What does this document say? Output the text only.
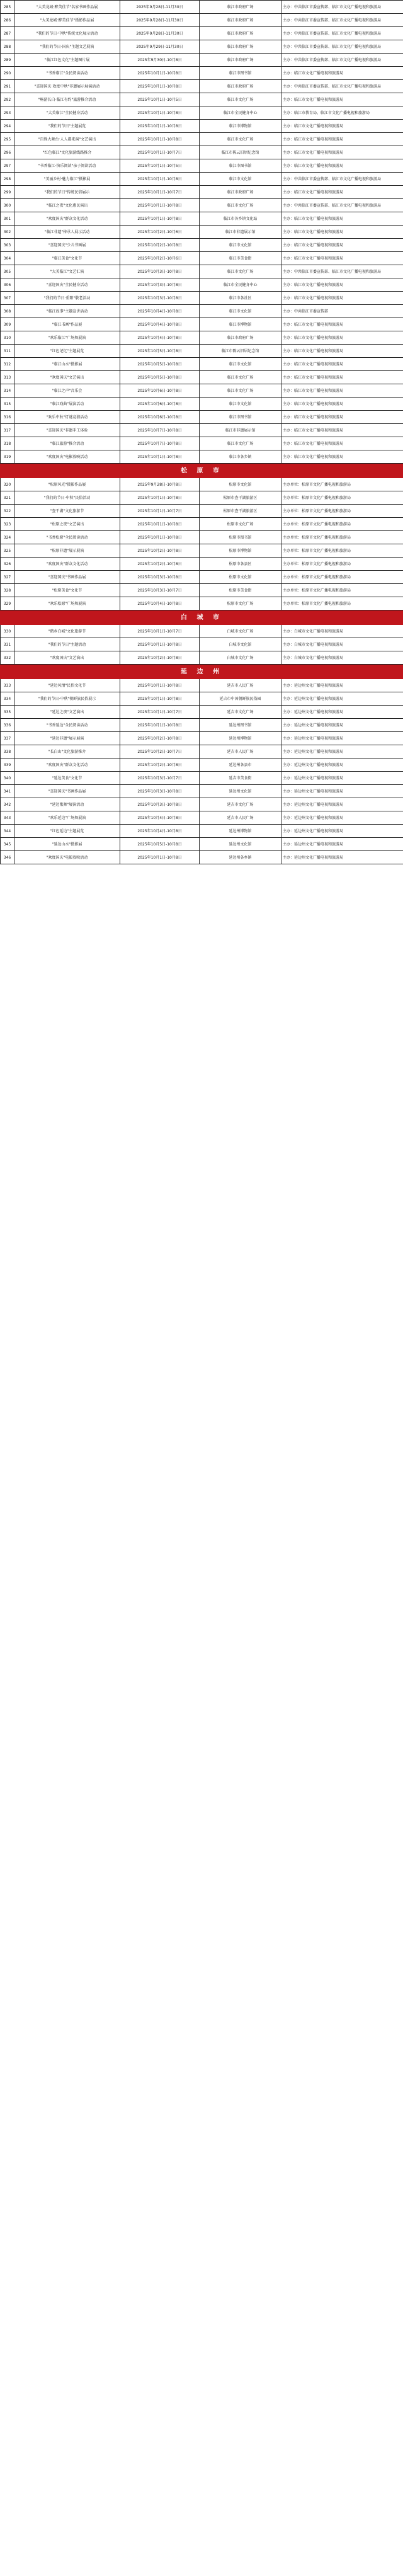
285	"大美龙城·醉美佳节"名家书画作品展	2025年9月28日-11月30日	临江市政府广场	主办：中共临江市委宣传部、临江市文化广播电视和旅游局
286	"大美龙城·醉美佳节"摄影作品展	2025年9月28日-11月30日	临江市政府广场	主办：中共临江市委宣传部、临江市文化广播电视和旅游局
287	"我们的节日·中秋"传统文化展示活动	2025年9月28日-11月30日	临江市政府广场	主办：中共临江市委宣传部、临江市文化广播电视和旅游局
288	"我们的节日·国庆"主题文艺展演	2025年9月29日-11月30日	临江市政府广场	主办：中共临江市委宣传部、临江市文化广播电视和旅游局
289	"临江红色文化"主题图片展	2025年9月30日-10月8日	临江市政府广场	主办：中共临江市委宣传部、临江市文化广播电视和旅游局
290	"书香临江"全民阅读活动	2025年10月1日-10月8日	临江市图书馆	主办：临江市文化广播电视和旅游局
291	"喜迎国庆·欢度中秋"非遗展示展演活动	2025年10月1日-10月8日	临江市政府广场	主办：中共临江市委宣传部、临江市文化广播电视和旅游局
292	"畅游长白·临江有约"旅游推介活动	2025年10月1日-10月5日	临江市文化广场	主办：临江市文化广播电视和旅游局
293	"大美临江"全民健身活动	2025年10月1日-10月8日	临江市全民健身中心	主办：临江市教育局、临江市文化广播电视和旅游局
294	"我们的节日"主题展览	2025年10月1日-10月8日	临江市博物馆	主办：临江市文化广播电视和旅游局
295	"百姓大舞台·人人都来演"文艺演出	2025年10月1日-10月8日	临江市文化广场	主办：临江市文化广播电视和旅游局
296	"红色临江"文化旅游线路推介	2025年10月1日-10月7日	临江市陈云旧居纪念馆	主办：临江市文化广播电视和旅游局
297	"书香临江·快乐阅读"亲子阅读活动	2025年10月1日-10月5日	临江市图书馆	主办：临江市文化广播电视和旅游局
298	"美丽乡村·魅力临江"摄影展	2025年10月1日-10月8日	临江市文化馆	主办：中共临江市委宣传部、临江市文化广播电视和旅游局
299	"我们的节日"传统民俗展示	2025年10月1日-10月7日	临江市政府广场	主办：临江市文化广播电视和旅游局
300	"临江之夜"文化惠民演出	2025年10月1日-10月8日	临江市文化广场	主办：中共临江市委宣传部、临江市文化广播电视和旅游局
301	"欢度国庆"群众文化活动	2025年10月1日-10月8日	临江市各乡镇文化站	主办：临江市文化广播电视和旅游局
302	"临江非遗"传承人展示活动	2025年10月2日-10月6日	临江市非遗展示馆	主办：临江市文化广播电视和旅游局
303	"喜迎国庆"少儿书画展	2025年10月2日-10月8日	临江市文化馆	主办：临江市文化广播电视和旅游局
304	"临江美食"文化节	2025年10月2日-10月6日	临江市美食街	主办：临江市文化广播电视和旅游局
305	"大美临江"文艺汇演	2025年10月3日-10月8日	临江市文化广场	主办：中共临江市委宣传部、临江市文化广播电视和旅游局
306	"喜迎国庆"全民健身活动	2025年10月3日-10月8日	临江市全民健身中心	主办：临江市文化广播电视和旅游局
307	"我们的节日·重阳"敬老活动	2025年10月3日-10月8日	临江市各社区	主办：临江市文化广播电视和旅游局
308	"临江故事"主题宣讲活动	2025年10月4日-10月8日	临江市文化馆	主办：中共临江市委宣传部
309	"临江书画"作品展	2025年10月4日-10月8日	临江市博物馆	主办：临江市文化广播电视和旅游局
310	"欢乐临江"广场舞展演	2025年10月4日-10月8日	临江市政府广场	主办：临江市文化广播电视和旅游局
311	"红色记忆"主题展览	2025年10月5日-10月8日	临江市陈云旧居纪念馆	主办：临江市文化广播电视和旅游局
312	"临江山水"摄影展	2025年10月5日-10月8日	临江市文化馆	主办：临江市文化广播电视和旅游局
313	"欢度国庆"文艺演出	2025年10月5日-10月8日	临江市文化广场	主办：临江市文化广播电视和旅游局
314	"临江之声"音乐会	2025年10月6日-10月8日	临江市文化广场	主办：临江市文化广播电视和旅游局
315	"临江戏曲"展演活动	2025年10月6日-10月8日	临江市文化馆	主办：临江市文化广播电视和旅游局
316	"欢乐中秋"灯谜竞猜活动	2025年10月6日-10月8日	临江市图书馆	主办：临江市文化广播电视和旅游局
317	"喜迎国庆"非遗手工体验	2025年10月7日-10月8日	临江市非遗展示馆	主办：临江市文化广播电视和旅游局
318	"临江旅游"推介活动	2025年10月7日-10月8日	临江市文化广场	主办：临江市文化广播电视和旅游局
319	"欢度国庆"电影放映活动	2025年10月1日-10月8日	临江市各乡镇	主办：临江市文化广播电视和旅游局
松 原 市				
320	"松原风光"摄影作品展	2025年9月28日-10月8日	松原市文化馆	主办单位：松原市文化广播电视和旅游局
321	"我们的节日·中秋"民俗活动	2025年10月1日-10月8日	松原市查干湖旅游区	主办单位：松原市文化广播电视和旅游局
322	"查干湖"文化旅游节	2025年10月1日-10月7日	松原市查干湖旅游区	主办单位：松原市文化广播电视和旅游局
323	"松原之夜"文艺演出	2025年10月1日-10月8日	松原市文化广场	主办单位：松原市文化广播电视和旅游局
324	"书香松原"全民阅读活动	2025年10月1日-10月8日	松原市图书馆	主办单位：松原市文化广播电视和旅游局
325	"松原非遗"展示展演	2025年10月2日-10月8日	松原市博物馆	主办单位：松原市文化广播电视和旅游局
326	"欢度国庆"群众文化活动	2025年10月2日-10月8日	松原市各县区	主办单位：松原市文化广播电视和旅游局
327	"喜迎国庆"书画作品展	2025年10月3日-10月8日	松原市文化馆	主办单位：松原市文化广播电视和旅游局
328	"松原美食"文化节	2025年10月3日-10月7日	松原市美食街	主办单位：松原市文化广播电视和旅游局
329	"欢乐松原"广场舞展演	2025年10月4日-10月8日	松原市文化广场	主办单位：松原市文化广播电视和旅游局
白 城 市				
330	"鹤乡白城"文化旅游节	2025年10月1日-10月7日	白城市文化广场	主办：白城市文化广播电视和旅游局
331	"我们的节日"主题活动	2025年10月1日-10月8日	白城市文化馆	主办：白城市文化广播电视和旅游局
332	"欢度国庆"文艺演出	2025年10月2日-10月8日	白城市文化广场	主办：白城市文化广播电视和旅游局
延 边 州				
333	"延边风情"民俗文化节	2025年10月1日-10月8日	延吉市人民广场	主办：延边州文化广播电视和旅游局
334	"我们的节日·中秋"朝鲜族民俗展示	2025年10月1日-10月8日	延吉市中国朝鲜族民俗园	主办：延边州文化广播电视和旅游局
335	"延边之夜"文艺演出	2025年10月1日-10月7日	延吉市文化广场	主办：延边州文化广播电视和旅游局
336	"书香延边"全民阅读活动	2025年10月1日-10月8日	延边州图书馆	主办：延边州文化广播电视和旅游局
337	"延边非遗"展示展演	2025年10月2日-10月8日	延边州博物馆	主办：延边州文化广播电视和旅游局
338	"长白山"文化旅游推介	2025年10月2日-10月7日	延吉市人民广场	主办：延边州文化广播电视和旅游局
339	"欢度国庆"群众文化活动	2025年10月2日-10月8日	延边州各县市	主办：延边州文化广播电视和旅游局
340	"延边美食"文化节	2025年10月3日-10月7日	延吉市美食街	主办：延边州文化广播电视和旅游局
341	"喜迎国庆"书画作品展	2025年10月3日-10月8日	延边州文化馆	主办：延边州文化广播电视和旅游局
342	"延边歌舞"展演活动	2025年10月3日-10月8日	延吉市文化广场	主办：延边州文化广播电视和旅游局
343	"欢乐延边"广场舞展演	2025年10月4日-10月8日	延吉市人民广场	主办：延边州文化广播电视和旅游局
344	"红色延边"主题展览	2025年10月4日-10月8日	延边州博物馆	主办：延边州文化广播电视和旅游局
345	"延边山水"摄影展	2025年10月5日-10月8日	延边州文化馆	主办：延边州文化广播电视和旅游局
346	"欢度国庆"电影放映活动	2025年10月1日-10月8日	延边州各乡镇	主办：延边州文化广播电视和旅游局
